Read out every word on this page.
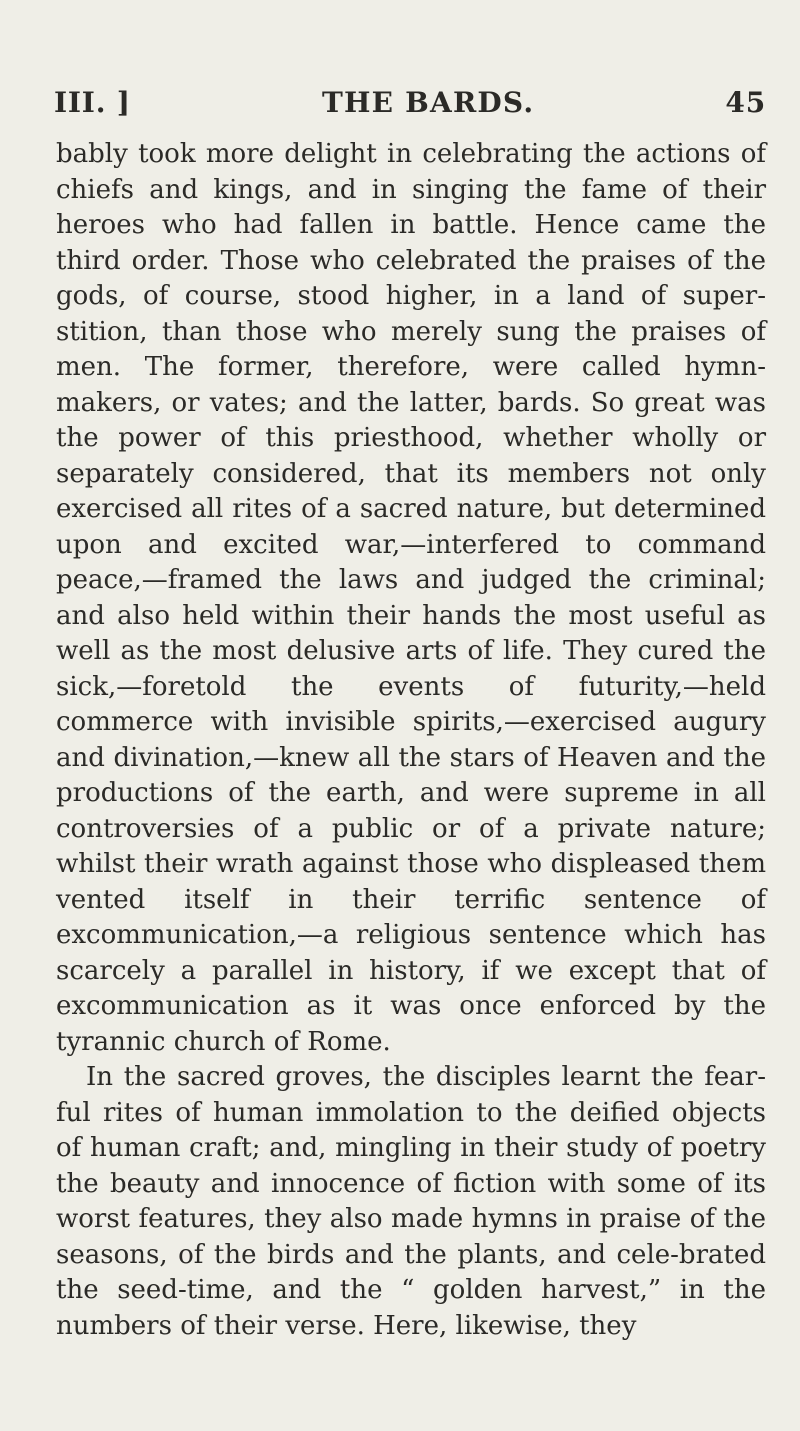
III. ]	THE BARDS.	45

bably took more delight in celebrating the actions of chiefs and kings, and in singing the fame of their heroes who had fallen in battle. Hence came the third order. Those who celebrated the praises of the gods, of course, stood higher, in a land of super-stition, than those who merely sung the praises of men. The former, therefore, were called hymn-makers, or vates; and the latter, bards. So great was the power of this priesthood, whether wholly or separately considered, that its members not only exercised all rites of a sacred nature, but determined upon and excited war,—interfered to command peace,—framed the laws and judged the criminal; and also held within their hands the most useful as well as the most delusive arts of life. They cured the sick,—foretold the events of futurity,—held commerce with invisible spirits,—exercised augury and divination,—knew all the stars of Heaven and the productions of the earth, and were supreme in all controversies of a public or of a private nature; whilst their wrath against those who displeased them vented itself in their terrific sentence of excommunication,—a religious sentence which has scarcely a parallel in history, if we except that of excommunication as it was once enforced by the tyrannic church of Rome.

In the sacred groves, the disciples learnt the fear-ful rites of human immolation to the deified objects of human craft; and, mingling in their study of poetry the beauty and innocence of fiction with some of its worst features, they also made hymns in praise of the seasons, of the birds and the plants, and cele-brated the seed-time, and the “ golden harvest,” in the numbers of their verse. Here, likewise, they
